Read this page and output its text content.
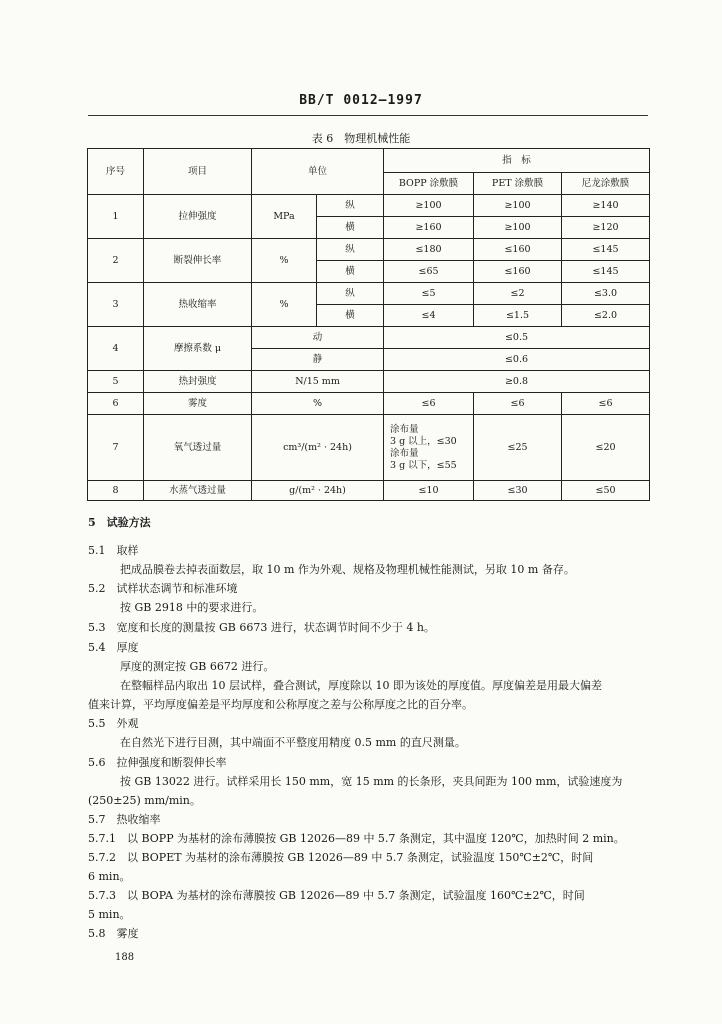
BB/T 0012—1997
表 6　物理机械性能
序号	项目	单位		指　标		
				BOPP 涂敷膜	PET 涂敷膜	尼龙涂敷膜
1	拉伸强度	MPa	纵	≥100	≥100	≥140
			横	≥160	≥100	≥120
2	断裂伸长率	%	纵	≤180	≤160	≤145
			横	≤65	≤160	≤145
3	热收缩率	%	纵	≤5	≤2	≤3.0
			横	≤4	≤1.5	≤2.0
4	摩擦系数 μ	动		≤0.5		
		静		≤0.6		
5	热封强度	N/15 mm		≥0.8		
6	雾度	%		≤6	≤6	≤6
7	氧气透过量	cm³/(m² · 24h)		涂布量
3 g 以上，≤30
涂布量
3 g 以下，≤55	≤25	≤20
8	水蒸气透过量	g/(m² · 24h)		≤10	≤30	≤50
5　试验方法
5.1　取样
把成品膜卷去掉表面数层，取 10 m 作为外观、规格及物理机械性能测试，另取 10 m 备存。
5.2　试样状态调节和标准环境
按 GB 2918 中的要求进行。
5.3　宽度和长度的测量按 GB 6673 进行，状态调节时间不少于 4 h。
5.4　厚度
厚度的测定按 GB 6672 进行。
在整幅样品内取出 10 层试样，叠合测试，厚度除以 10 即为该处的厚度值。厚度偏差是用最大偏差
值来计算，平均厚度偏差是平均厚度和公称厚度之差与公称厚度之比的百分率。
5.5　外观
在自然光下进行目测，其中端面不平整度用精度 0.5 mm 的直尺测量。
5.6　拉伸强度和断裂伸长率
按 GB 13022 进行。试样采用长 150 mm，宽 15 mm 的长条形，夹具间距为 100 mm，试验速度为
(250±25) mm/min。
5.7　热收缩率
5.7.1　以 BOPP 为基材的涂布薄膜按 GB 12026—89 中 5.7 条测定，其中温度 120℃，加热时间 2 min。
5.7.2　以 BOPET 为基材的涂布薄膜按 GB 12026—89 中 5.7 条测定，试验温度 150℃±2℃，时间
6 min。
5.7.3　以 BOPA 为基材的涂布薄膜按 GB 12026—89 中 5.7 条测定，试验温度 160℃±2℃，时间
5 min。
5.8　雾度
188
